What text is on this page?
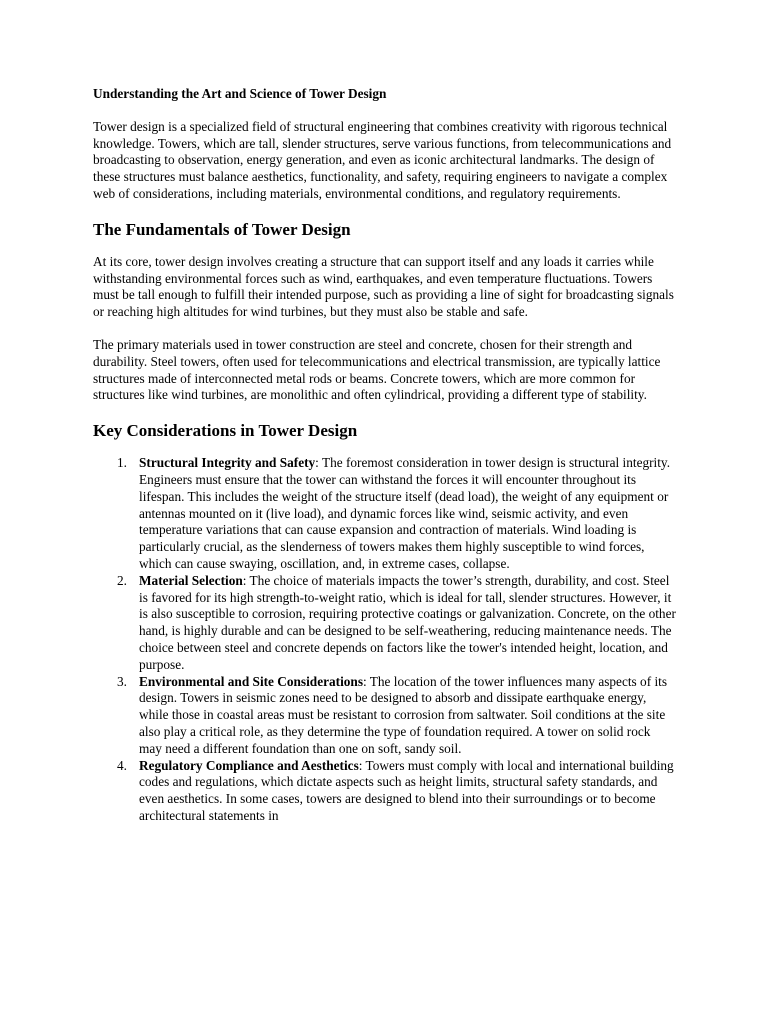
Understanding the Art and Science of Tower Design

Tower design is a specialized field of structural engineering that combines creativity with rigorous technical knowledge. Towers, which are tall, slender structures, serve various functions, from telecommunications and broadcasting to observation, energy generation, and even as iconic architectural landmarks. The design of these structures must balance aesthetics, functionality, and safety, requiring engineers to navigate a complex web of considerations, including materials, environmental conditions, and regulatory requirements.

The Fundamentals of Tower Design

At its core, tower design involves creating a structure that can support itself and any loads it carries while withstanding environmental forces such as wind, earthquakes, and even temperature fluctuations. Towers must be tall enough to fulfill their intended purpose, such as providing a line of sight for broadcasting signals or reaching high altitudes for wind turbines, but they must also be stable and safe.

The primary materials used in tower construction are steel and concrete, chosen for their strength and durability. Steel towers, often used for telecommunications and electrical transmission, are typically lattice structures made of interconnected metal rods or beams. Concrete towers, which are more common for structures like wind turbines, are monolithic and often cylindrical, providing a different type of stability.

Key Considerations in Tower Design
1. Structural Integrity and Safety: The foremost consideration in tower design is structural integrity. Engineers must ensure that the tower can withstand the forces it will encounter throughout its lifespan. This includes the weight of the structure itself (dead load), the weight of any equipment or antennas mounted on it (live load), and dynamic forces like wind, seismic activity, and even temperature variations that can cause expansion and contraction of materials. Wind loading is particularly crucial, as the slenderness of towers makes them highly susceptible to wind forces, which can cause swaying, oscillation, and, in extreme cases, collapse.
2. Material Selection: The choice of materials impacts the tower’s strength, durability, and cost. Steel is favored for its high strength-to-weight ratio, which is ideal for tall, slender structures. However, it is also susceptible to corrosion, requiring protective coatings or galvanization. Concrete, on the other hand, is highly durable and can be designed to be self-weathering, reducing maintenance needs. The choice between steel and concrete depends on factors like the tower's intended height, location, and purpose.
3. Environmental and Site Considerations: The location of the tower influences many aspects of its design. Towers in seismic zones need to be designed to absorb and dissipate earthquake energy, while those in coastal areas must be resistant to corrosion from saltwater. Soil conditions at the site also play a critical role, as they determine the type of foundation required. A tower on solid rock may need a different foundation than one on soft, sandy soil.
4. Regulatory Compliance and Aesthetics: Towers must comply with local and international building codes and regulations, which dictate aspects such as height limits, structural safety standards, and even aesthetics. In some cases, towers are designed to blend into their surroundings or to become architectural statements in
